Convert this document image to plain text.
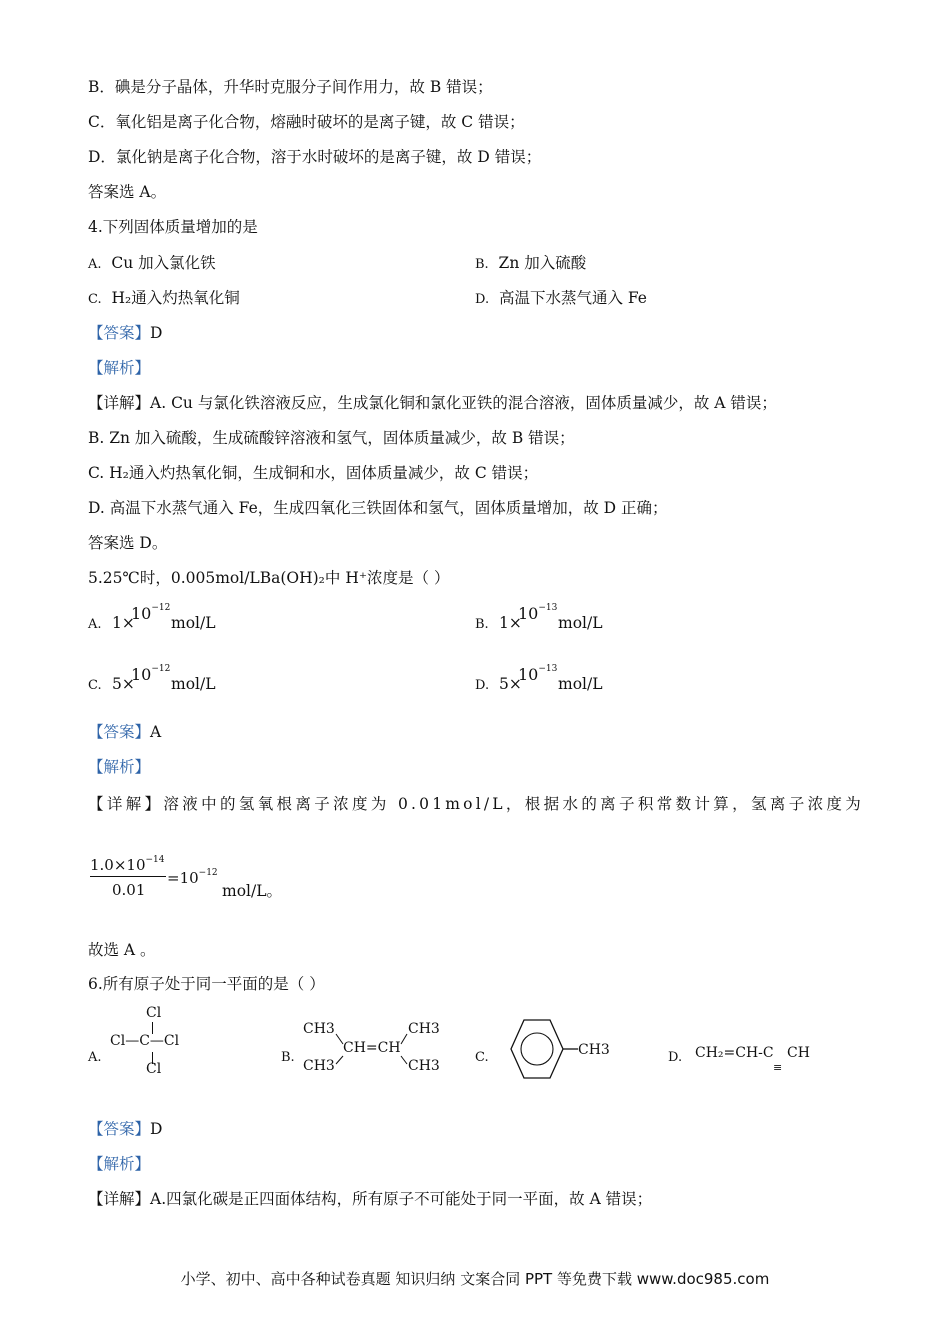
B．碘是分子晶体，升华时克服分子间作用力，故 B 错误；
C．氧化铝是离子化合物，熔融时破坏的是离子键，故 C 错误；
D．氯化钠是离子化合物，溶于水时破坏的是离子键，故 D 错误；
答案选 A。
4.下列固体质量增加的是
A. Cu 加入氯化铁	B. Zn 加入硫酸
C. H₂通入灼热氧化铜	D. 高温下水蒸气通入 Fe
【答案】D
【解析】
【详解】A. Cu 与氯化铁溶液反应，生成氯化铜和氯化亚铁的混合溶液，固体质量减少，故 A 错误；
B. Zn 加入硫酸，生成硫酸锌溶液和氢气，固体质量减少，故 B 错误；
C. H₂通入灼热氧化铜，生成铜和水，固体质量减少，故 C 错误；
D. 高温下水蒸气通入 Fe，生成四氧化三铁固体和氢气，固体质量增加，故 D 正确；
答案选 D。
5.25℃时，0.005mol/LBa(OH)₂中 H⁺浓度是（ ）
A. 1×
$10^{-12}$
mol/L	B. 1×
$10^{-13}$
mol/L
C. 5×
$10^{-12}$
mol/L	D. 5×
$10^{-13}$
mol/L
【答案】A
【解析】
【详解】溶液中的氢氧根离子浓度为 0.01mol/L，根据水的离子积常数计算，氢离子浓度为
$1.0\times 10^{-14}$
0.01
$=10^{-12}$
mol/L。
故选 A 。
6.所有原子处于同一平面的是（ ）
A.
Cl
Cl—C—Cl
Cl
B.
CH3
CH3
CH3
CH3
CH=CH
C.	CH3	D. CH₂=CH-C CH
≡
【答案】D
【解析】
【详解】A.四氯化碳是正四面体结构，所有原子不可能处于同一平面，故 A 错误；
小学、初中、高中各种试卷真题 知识归纳 文案合同 PPT 等免费下载 www.doc985.com
